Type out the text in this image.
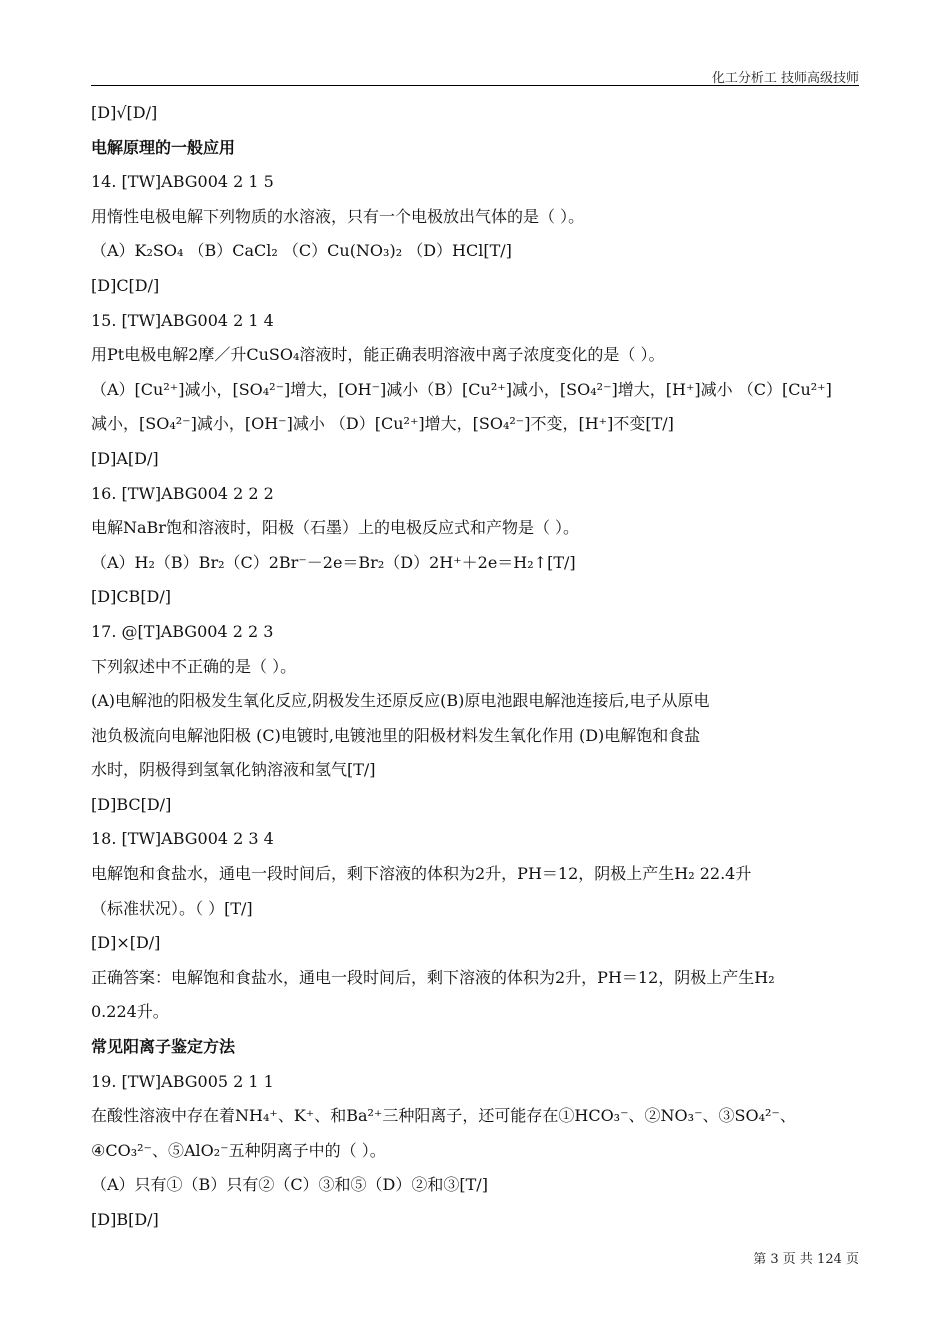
化工分析工 技师高级技师
[D]√[D/]
电解原理的一般应用
14. [TW]ABG004 2 1 5
用惰性电极电解下列物质的水溶液，只有一个电极放出气体的是（ ）。
（A）K₂SO₄ （B）CaCl₂ （C）Cu(NO₃)₂ （D）HCl[T/]
[D]C[D/]
15. [TW]ABG004 2 1 4
用Pt电极电解2摩／升CuSO₄溶液时，能正确表明溶液中离子浓度变化的是（ ）。
（A）[Cu²⁺]减小，[SO₄²⁻]增大，[OH⁻]减小（B）[Cu²⁺]减小，[SO₄²⁻]增大，[H⁺]减小 （C）[Cu²⁺]
减小，[SO₄²⁻]减小，[OH⁻]减小 （D）[Cu²⁺]增大，[SO₄²⁻]不变，[H⁺]不变[T/]
[D]A[D/]
16. [TW]ABG004 2 2 2
电解NaBr饱和溶液时，阳极（石墨）上的电极反应式和产物是（ ）。
（A）H₂（B）Br₂（C）2Br⁻－2e＝Br₂（D）2H⁺＋2e＝H₂↑[T/]
[D]CB[D/]
17. @[T]ABG004 2 2 3
下列叙述中不正确的是（ ）。
(A)电解池的阳极发生氧化反应,阴极发生还原反应(B)原电池跟电解池连接后,电子从原电
池负极流向电解池阳极 (C)电镀时,电镀池里的阳极材料发生氧化作用 (D)电解饱和食盐
水时，阴极得到氢氧化钠溶液和氢气[T/]
[D]BC[D/]
18. [TW]ABG004 2 3 4
电解饱和食盐水，通电一段时间后，剩下溶液的体积为2升，PH＝12，阴极上产生H₂ 22.4升
（标准状况）。（ ）[T/]
[D]×[D/]
正确答案：电解饱和食盐水，通电一段时间后，剩下溶液的体积为2升，PH＝12，阴极上产生H₂
0.224升。
常见阳离子鉴定方法
19. [TW]ABG005 2 1 1
在酸性溶液中存在着NH₄⁺、K⁺、和Ba²⁺三种阳离子，还可能存在①HCO₃⁻、②NO₃⁻、③SO₄²⁻、
④CO₃²⁻、⑤AlO₂⁻五种阴离子中的（ ）。
（A）只有①（B）只有②（C）③和⑤（D）②和③[T/]
[D]B[D/]
第 3 页 共 124 页
